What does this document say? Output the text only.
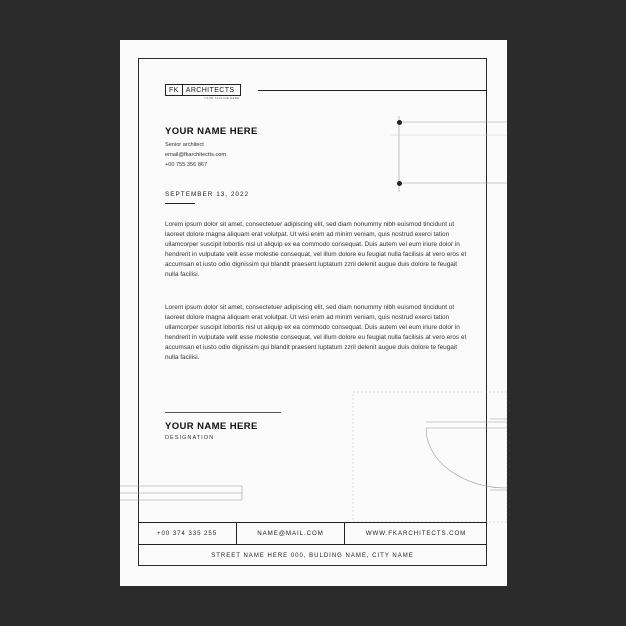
FK	ARCHITECTS
YOUR TAGLINE HERE
YOUR NAME HERE
Senior architect
email@fkarchitectts.com
+00 755 356 867
SEPTEMBER 13, 2022

Lorem ipsum dolor sit amet, consectetuer adipiscing elit, sed diam nonummy nibh euismod tincidunt ut laoreet dolore magna aliquam erat volutpat. Ut wisi enim ad minim veniam, quis nostrud exerci tation ullamcorper suscipit lobortis nisl ut aliquip ex ea commodo consequat. Duis autem vel eum iriure dolor in hendrerit in vulputate velit esse molestie consequat, vel illum dolore eu feugiat nulla facilisis at vero eros et accumsan et iusto odio dignissim qui blandit praesent luptatum zzril delenit augue duis dolore te feugait nulla facilisi.

Lorem ipsum dolor sit amet, consectetuer adipiscing elit, sed diam nonummy nibh euismod tincidunt ut laoreet dolore magna aliquam erat volutpat. Ut wisi enim ad minim veniam, quis nostrud exerci tation ullamcorper suscipit lobortis nisl ut aliquip ex ea commodo consequat. Duis autem vel eum iriure dolor in hendrerit in vulputate velit esse molestie consequat, vel illum dolore eu feugiat nulla facilisis at vero eros et accumsan et iusto odio dignissim qui blandit praesent luptatum zzril delenit augue duis dolore te feugait nulla facilisi.

YOUR NAME HERE
DESIGNATION
+00 374 335 255	NAME@MAIL.COM	WWW.FKARCHITECTS.COM
STREET NAME HERE 000, BULDING NAME, CITY NAME
